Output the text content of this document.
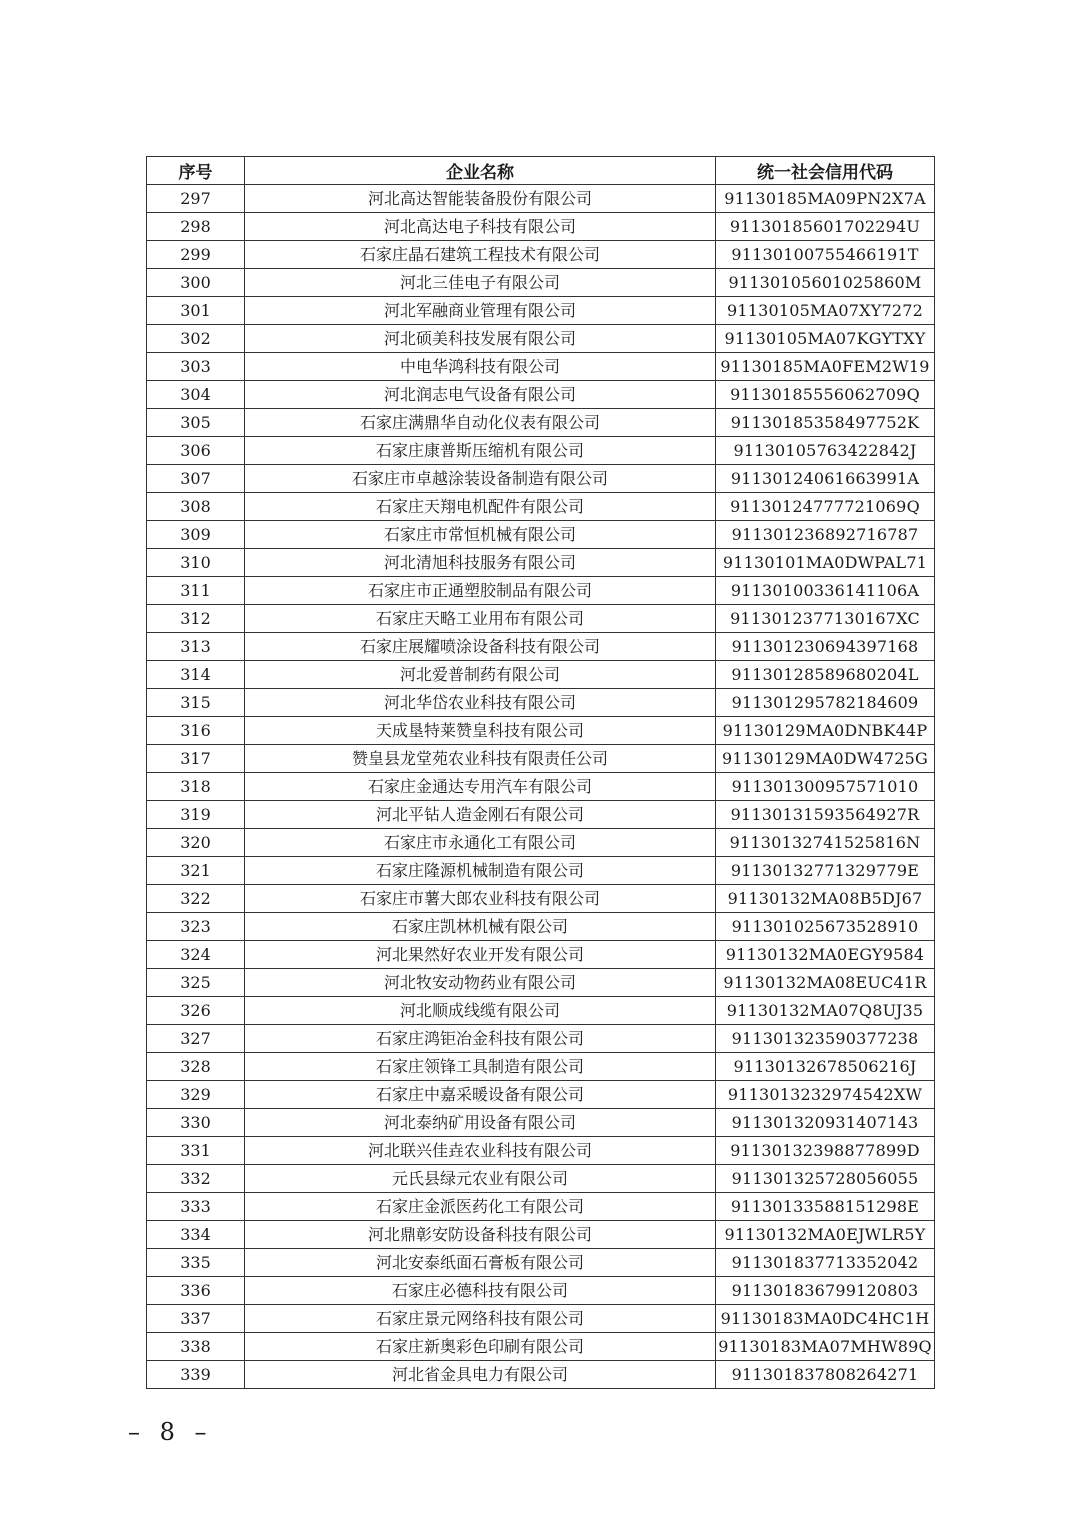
序号	企业名称	统一社会信用代码
297	河北高达智能装备股份有限公司	91130185MA09PN2X7A
298	河北高达电子科技有限公司	91130185601702294U
299	石家庄晶石建筑工程技术有限公司	91130100755466191T
300	河北三佳电子有限公司	91130105601025860M
301	河北军融商业管理有限公司	91130105MA07XY7272
302	河北硕美科技发展有限公司	91130105MA07KGYTXY
303	中电华鸿科技有限公司	91130185MA0FEM2W19
304	河北润志电气设备有限公司	91130185556062709Q
305	石家庄满鼎华自动化仪表有限公司	91130185358497752K
306	石家庄康普斯压缩机有限公司	91130105763422842J
307	石家庄市卓越涂装设备制造有限公司	91130124061663991A
308	石家庄天翔电机配件有限公司	91130124777721069Q
309	石家庄市常恒机械有限公司	911301236892716787
310	河北清旭科技服务有限公司	91130101MA0DWPAL71
311	石家庄市正通塑胶制品有限公司	91130100336141106A
312	石家庄天略工业用布有限公司	9113012377130167XC
313	石家庄展耀喷涂设备科技有限公司	911301230694397168
314	河北爱普制药有限公司	91130128589680204L
315	河北华岱农业科技有限公司	911301295782184609
316	天成垦特莱赞皇科技有限公司	91130129MA0DNBK44P
317	赞皇县龙堂苑农业科技有限责任公司	91130129MA0DW4725G
318	石家庄金通达专用汽车有限公司	911301300957571010
319	河北平钻人造金刚石有限公司	91130131593564927R
320	石家庄市永通化工有限公司	91130132741525816N
321	石家庄隆源机械制造有限公司	91130132771329779E
322	石家庄市薯大郎农业科技有限公司	91130132MA08B5DJ67
323	石家庄凯林机械有限公司	911301025673528910
324	河北果然好农业开发有限公司	91130132MA0EGY9584
325	河北牧安动物药业有限公司	91130132MA08EUC41R
326	河北顺成线缆有限公司	91130132MA07Q8UJ35
327	石家庄鸿钜冶金科技有限公司	911301323590377238
328	石家庄领锋工具制造有限公司	91130132678506216J
329	石家庄中嘉采暖设备有限公司	9113013232974542XW
330	河北泰纳矿用设备有限公司	911301320931407143
331	河北联兴佳垚农业科技有限公司	91130132398877899D
332	元氏县绿元农业有限公司	911301325728056055
333	石家庄金派医药化工有限公司	91130133588151298E
334	河北鼎彰安防设备科技有限公司	91130132MA0EJWLR5Y
335	河北安泰纸面石膏板有限公司	911301837713352042
336	石家庄必德科技有限公司	911301836799120803
337	石家庄景元网络科技有限公司	91130183MA0DC4HC1H
338	石家庄新奥彩色印刷有限公司	91130183MA07MHW89Q
339	河北省金具电力有限公司	911301837808264271
– 8 –
